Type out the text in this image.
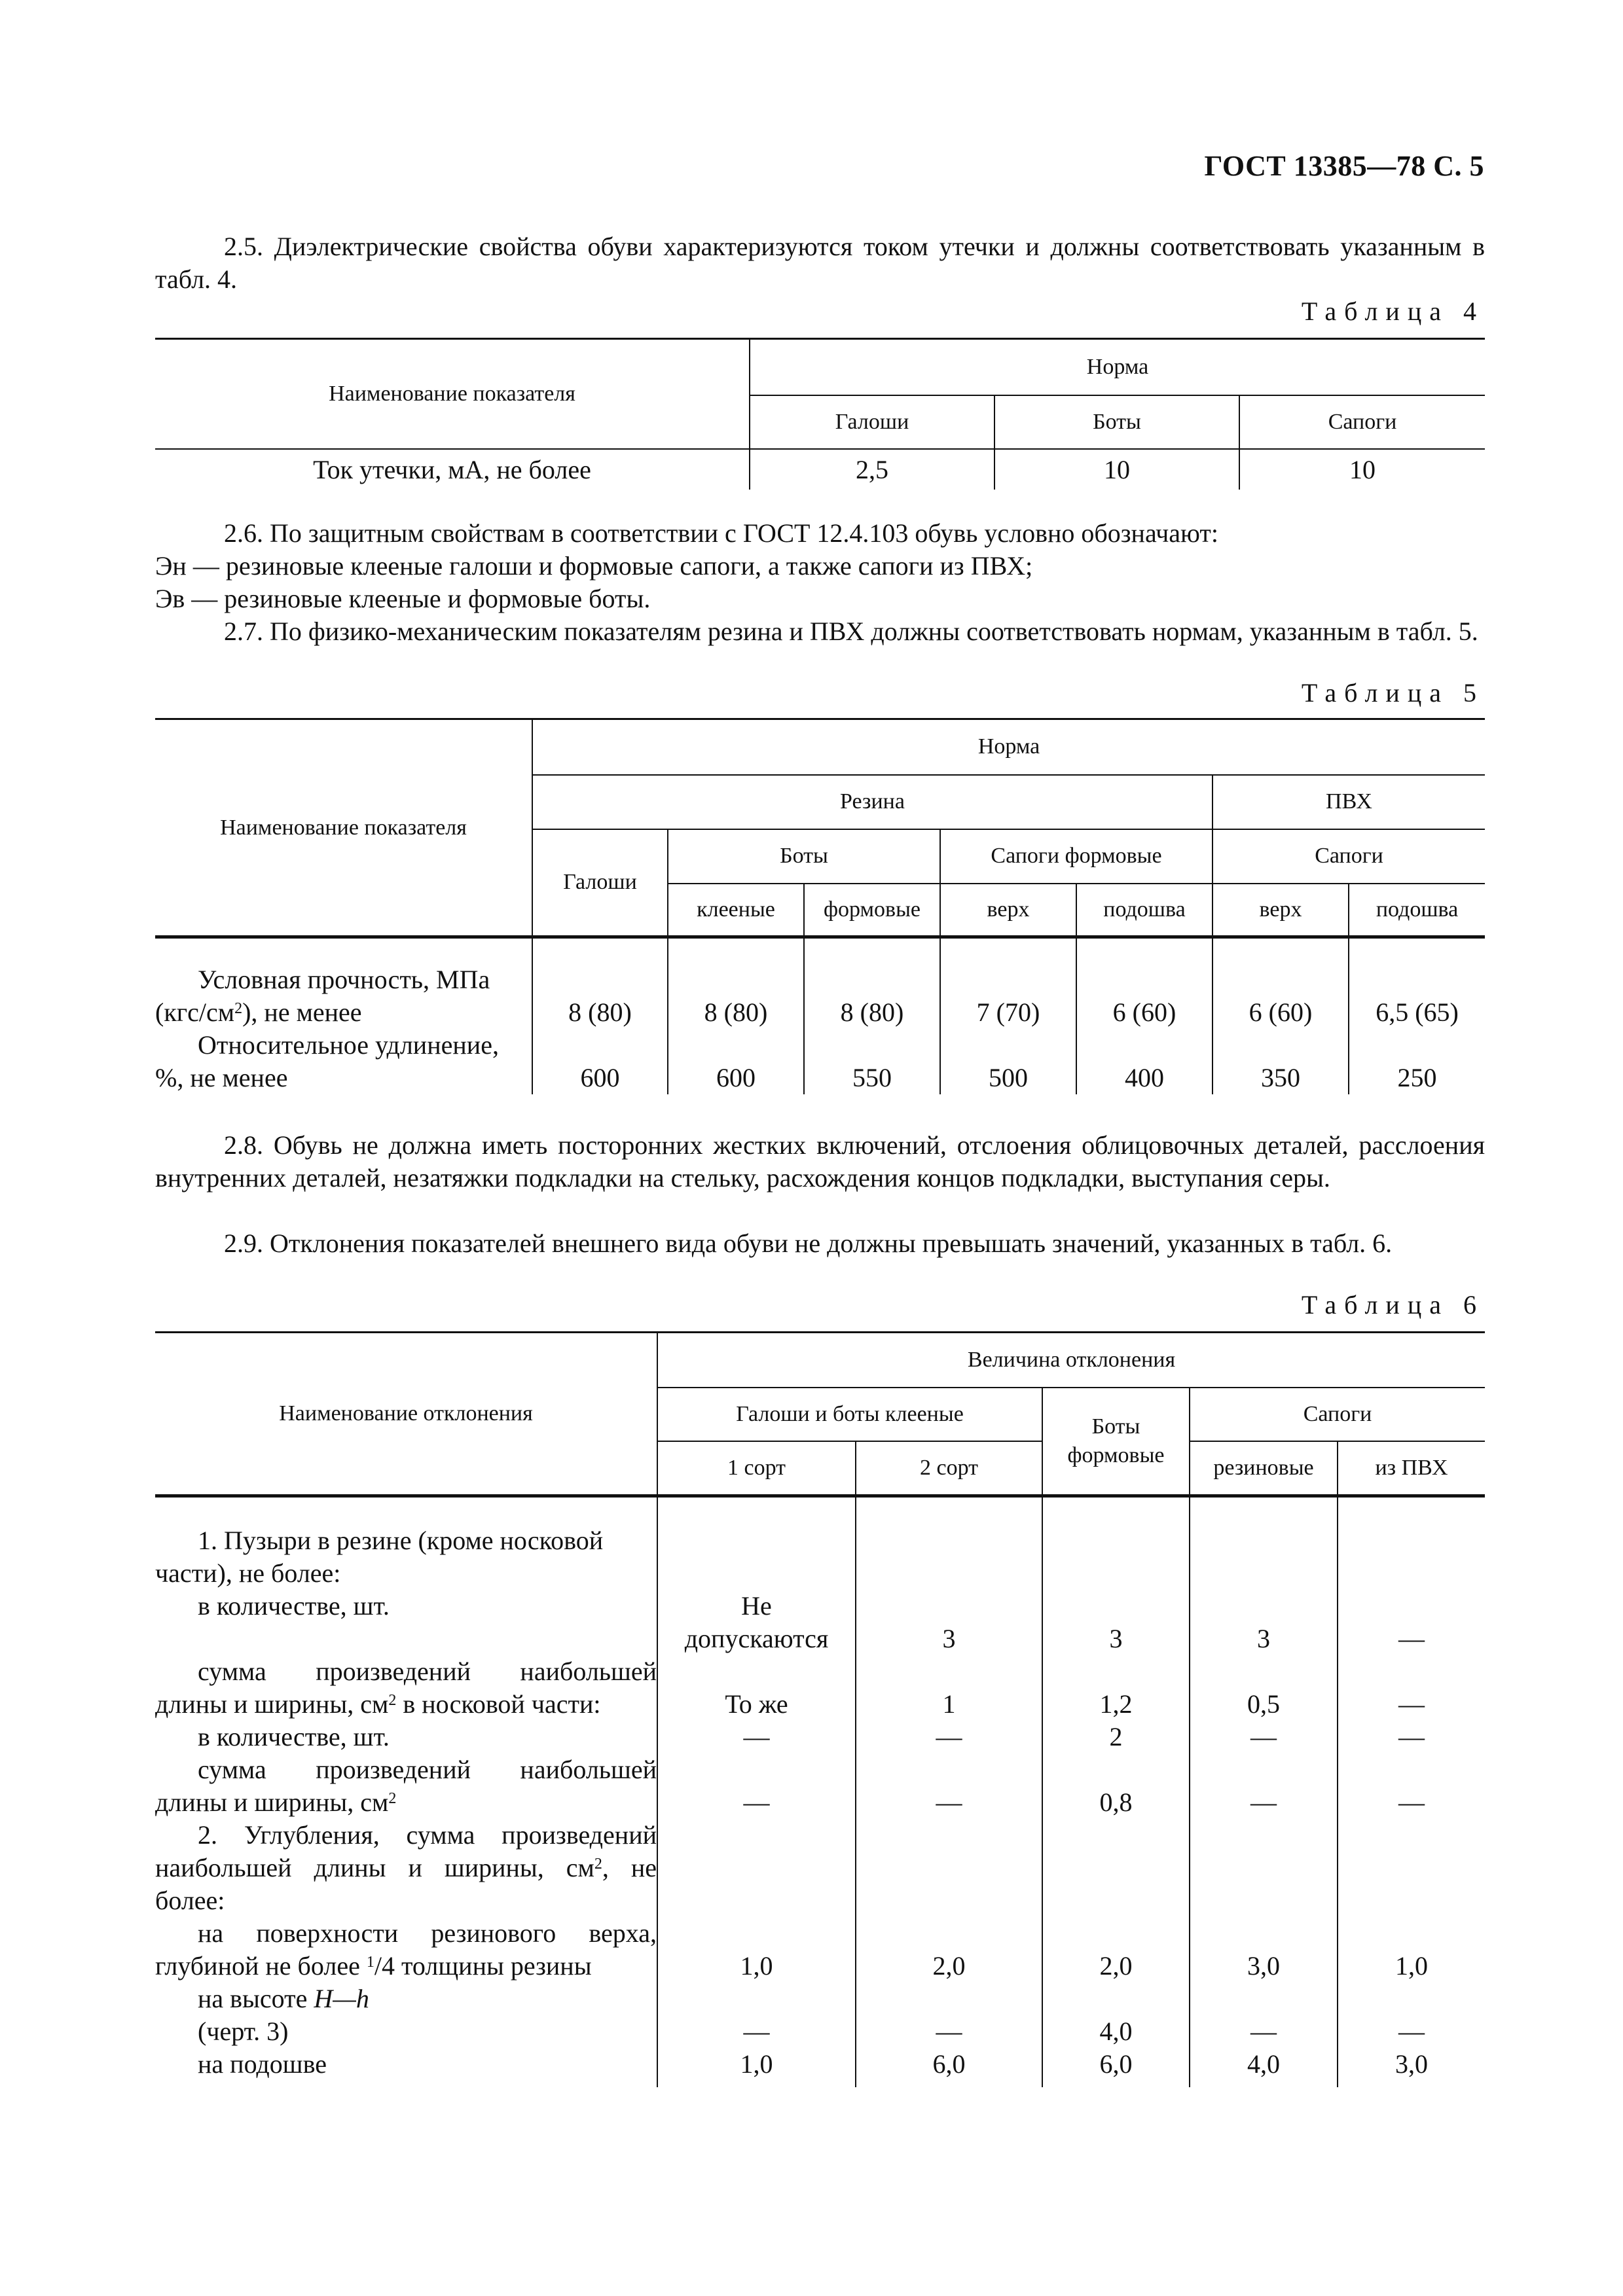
ГОСТ 13385—78 С. 5
2.5. Диэлектрические свойства обуви характеризуются током утечки и должны соответствовать указанным в табл. 4.
Таблица 4
Наименование показателя	Норма		
	Галоши	Боты	Сапоги
Ток утечки, мА, не более	2,5	10	10
2.6. По защитным свойствам в соответствии с ГОСТ 12.4.103 обувь условно обозначают:
Эн — резиновые клееные галоши и формовые сапоги, а также сапоги из ПВХ;
Эв — резиновые клееные и формовые боты.
2.7. По физико-механическим показателям резина и ПВХ должны соответствовать нормам, указанным в табл. 5.
Таблица 5
Наименование показателя	Норма						
	Резина					ПВХ	
	Галоши	Боты		Сапоги формовые		Сапоги	
		клееные	формовые	верх	подошва	верх	подошва

Условная прочность, МПа
$(кгс/см^2)$, не менее	8 (80)	8 (80)	8 (80)	7 (70)	6 (60)	6 (60)	6,5 (65)

Относительное удлинение,
%, не менее	600	600	550	500	400	350	250
2.8. Обувь не должна иметь посторонних жестких включений, отслоения облицовочных деталей, расслоения внутренних деталей, незатяжки подкладки на стельку, расхождения концов подкладки, выступания серы.
2.9. Отклонения показателей внешнего вида обуви не должны превышать значений, указанных в табл. 6.
Таблица 6
Наименование отклонения	Величина отклонения				
	Галоши и боты клееные		Боты формовые	Сапоги	
	1 сорт	2 сорт		резиновые	из ПВХ

1. Пузыри в резине (кроме носковой части), не более:					

в количестве, шт.	Не
допускаются	3	3	3	—

сумма произведений наибольшей
длины и ширины, $см^2$ в носковой части:	То же	1	1,2	0,5	—

в количестве, шт.	—	—	2	—	—

сумма произведений наибольшей
длины и ширины, $см^2$	—	—	0,8	—	—

2. Углубления, сумма произведений
наибольшей длины и ширины, $см^2$, не
более:					

на поверхности резинового верха,
глубиной не более $^1$/4 толщины резины	1,0	2,0	2,0	3,0	1,0

на высоте H—h
(черт. 3)	—	—	4,0	—	—

на подошве	1,0	6,0	6,0	4,0	3,0
